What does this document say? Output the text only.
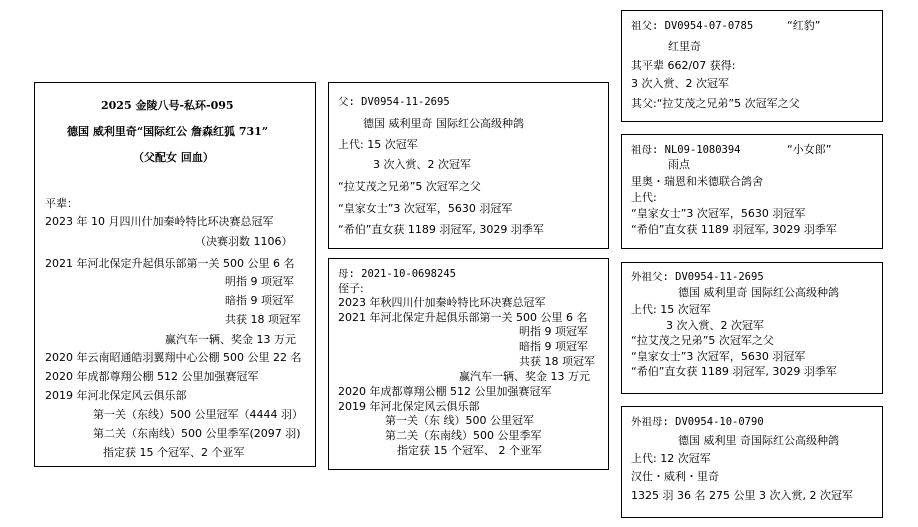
2025 金陵八号-私环-095
德国 威利里奇“国际红公 詹森红狐 731”
（父配女 回血）
平辈：
2023 年 10 月四川什加秦岭特比环决赛总冠军
（决赛羽数 1106）
2021 年河北保定升起俱乐部第一关 500 公里 6 名
明指 9 项冠军
暗指 9 项冠军
共获 18 项冠军
赢汽车一辆、奖金 13 万元
2020 年云南昭通皓羽翼翔中心公棚 500 公里 22 名
2020 年成都尊翔公棚 512 公里加强赛冠军
2019 年河北保定风云俱乐部
第一关（东线）500 公里冠军（4444 羽）
第二关（东南线）500 公里季军(2097 羽)
指定获 15 个冠军、2 个亚军
父: DV0954-11-2695
德国 威利里奇 国际红公高级种鸽
上代: 15 次冠军
3 次入赏、2 次冠军
“拉艾茂之兄弟”5 次冠军之父
“皇家女士”3 次冠军，5630 羽冠军
“希伯”直女获 1189 羽冠军, 3029 羽季军
母: 2021-10-0698245
侄子:
2023 年秋四川什加秦岭特比环决赛总冠军
2021 年河北保定升起俱乐部第一关 500 公里 6 名
明指 9 项冠军
暗指 9 项冠军
共获 18 项冠军
赢汽车一辆、奖金 13 万元
2020 年成都尊翔公棚 512 公里加强赛冠军
2019 年河北保定风云俱乐部
第一关（东 线）500 公里冠军
第二关（东南线）500 公里季军
指定获 15 个冠军、 2 个亚军
祖父: DV0954-07-0785	“红豹”
红里奇
其平辈 662/07 获得:
3 次入赏、2 次冠军
其父:“拉艾茂之兄弟”5 次冠军之父
祖母: NL09-1080394	“小女郎”
雨点
里奥・瑞恩和米德联合鸽舍
上代:
“皇家女士”3 次冠军，5630 羽冠军
“希伯”直女获 1189 羽冠军, 3029 羽季军
外祖父: DV0954-11-2695
德国 威利里奇 国际红公高级种鸽
上代: 15 次冠军
3 次入赏、2 次冠军
“拉艾茂之兄弟”5 次冠军之父
“皇家女士”3 次冠军，5630 羽冠军
“希伯”直女获 1189 羽冠军, 3029 羽季军
外祖母: DV0954-10-0790
德国 威利里 奇国际红公高级种鸽
上代: 12 次冠军
汉仕・威利・里奇
1325 羽 36 名 275 公里 3 次入赏, 2 次冠军
